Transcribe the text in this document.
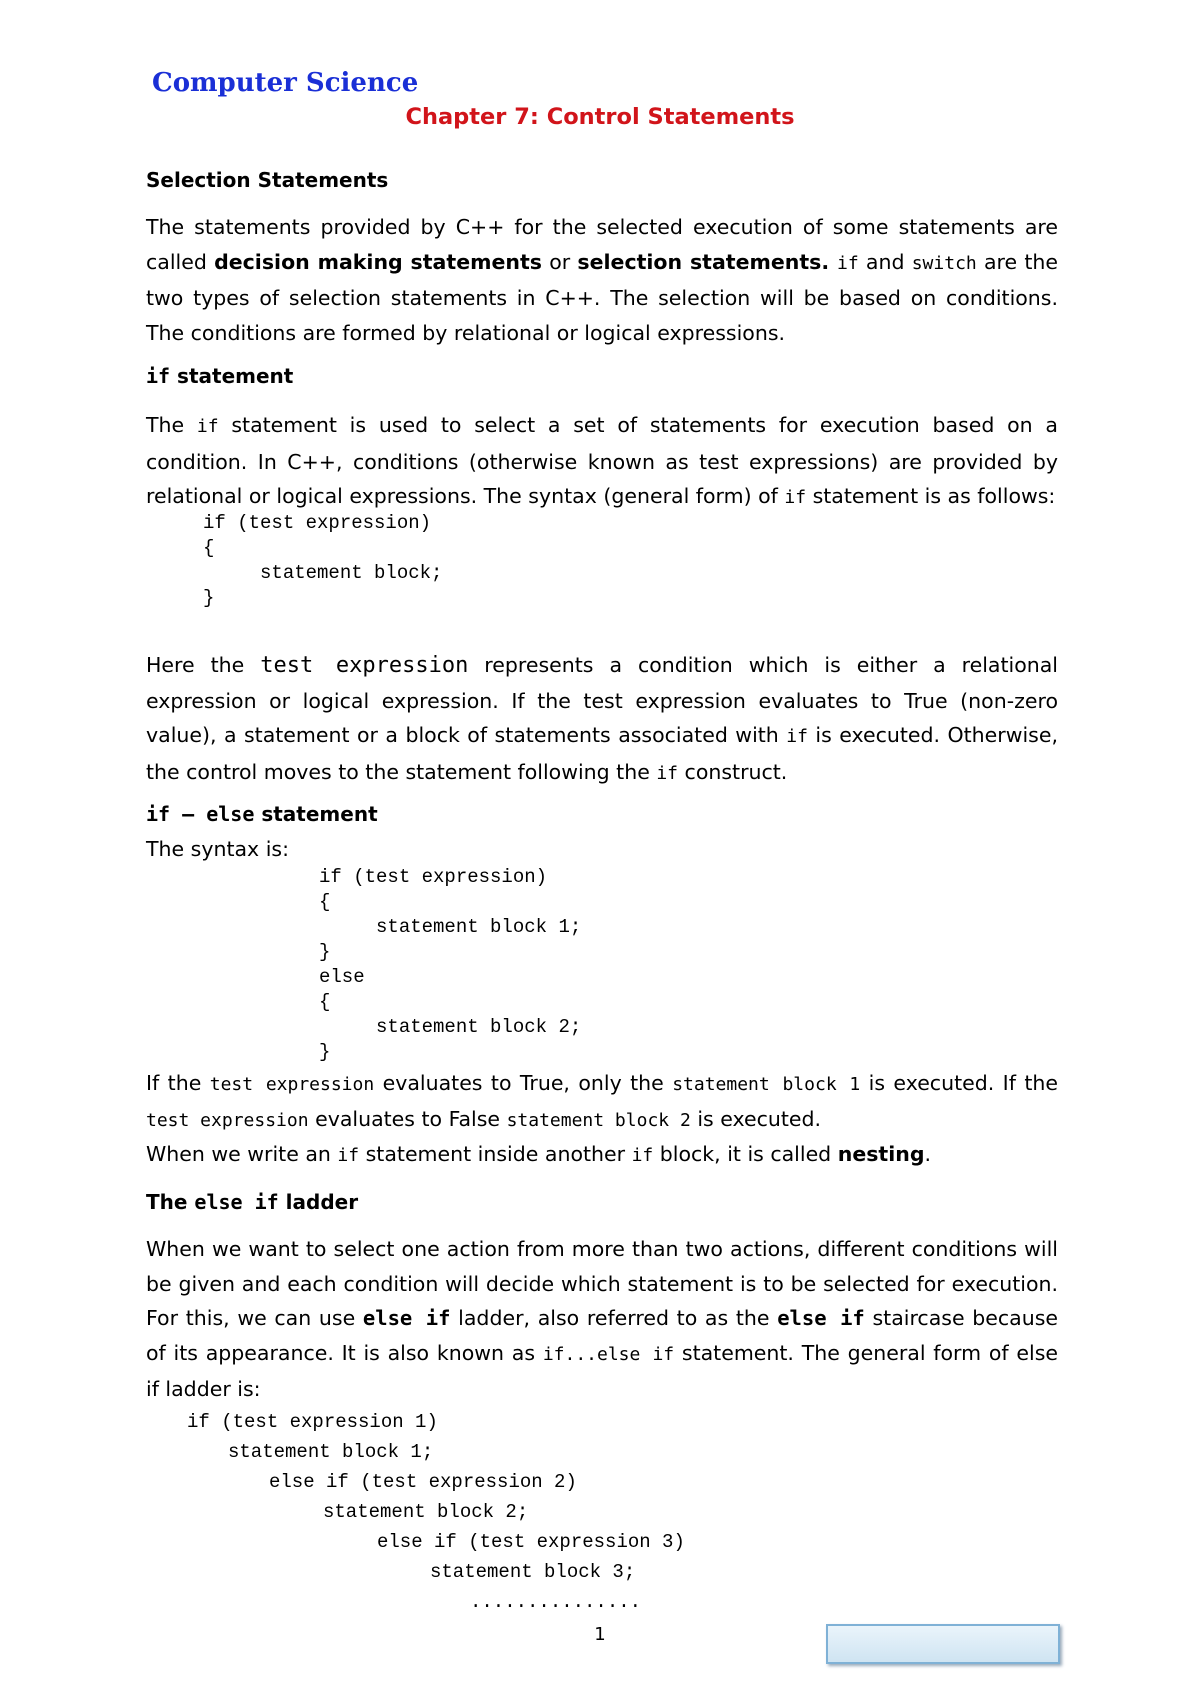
Computer Science
Chapter 7: Control Statements
Selection Statements

The statements provided by C++ for the selected execution of some statements are called decision making statements or selection statements. if and switch are the two types of selection statements in C++. The selection will be based on conditions. The conditions are formed by relational or logical expressions.

if statement

The if statement is used to select a set of statements for execution based on a condition. In C++, conditions (otherwise known as test expressions) are provided by relational or logical expressions. The syntax (general form) of if statement is as follows:

if (test expression)
{
statement block;
}

Here the test expression represents a condition which is either a relational expression or logical expression. If the test expression evaluates to True (non-zero value), a statement or a block of statements associated with if is executed. Otherwise, the control moves to the statement following the if construct.

if – else statement
The syntax is:
if (test expression)
{
statement block 1;
}
else
{
statement block 2;
}

If the test expression evaluates to True, only the statement block 1 is executed. If the test expression evaluates to False statement block 2 is executed.

When we write an if statement inside another if block, it is called nesting.

The else if ladder

When we want to select one action from more than two actions, different conditions will be given and each condition will decide which statement is to be selected for execution. For this, we can use else if ladder, also referred to as the else if staircase because of its appearance. It is also known as if...else if statement. The general form of else if ladder is:

if (test expression 1)
statement block 1;
else if (test expression 2)
statement block 2;
else if (test expression 3)
statement block 3;
...............
1
